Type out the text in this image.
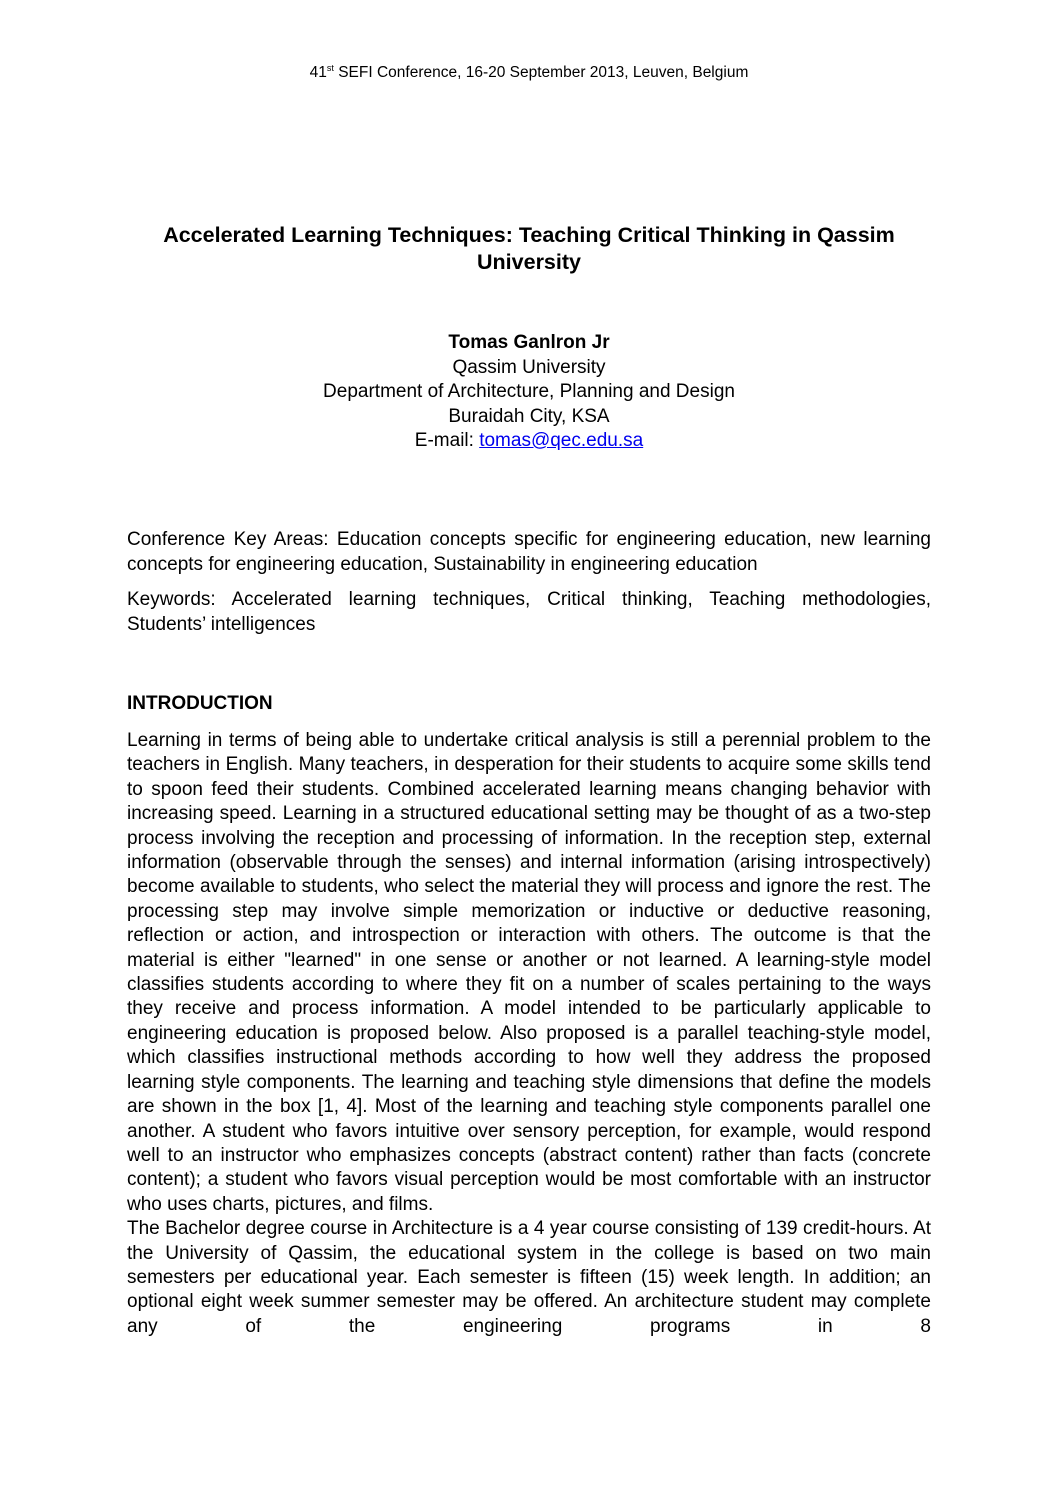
41st SEFI Conference, 16-20 September 2013, Leuven, Belgium
Accelerated Learning Techniques: Teaching Critical Thinking in Qassim University
Tomas Ganlron Jr
Qassim University
Department of Architecture, Planning and Design
Buraidah City, KSA
E-mail: tomas@qec.edu.sa

Conference Key Areas: Education concepts specific for engineering education, new learning concepts for engineering education, Sustainability in engineering education

Keywords: Accelerated learning techniques, Critical thinking, Teaching methodologies, Students’ intelligences

INTRODUCTION

Learning in terms of being able to undertake critical analysis is still a perennial problem to the teachers in English. Many teachers, in desperation for their students to acquire some skills tend to spoon feed their students. Combined accelerated learning means changing behavior with increasing speed. Learning in a structured educational setting may be thought of as a two-step process involving the reception and processing of information. In the reception step, external information (observable through the senses) and internal information (arising introspectively) become available to students, who select the material they will process and ignore the rest. The processing step may involve simple memorization or inductive or deductive reasoning, reflection or action, and introspection or interaction with others. The outcome is that the material is either "learned" in one sense or another or not learned. A learning-style model classifies students according to where they fit on a number of scales pertaining to the ways they receive and process information. A model intended to be particularly applicable to engineering education is proposed below. Also proposed is a parallel teaching-style model, which classifies instructional methods according to how well they address the proposed learning style components. The learning and teaching style dimensions that define the models are shown in the box [1, 4]. Most of the learning and teaching style components parallel one another. A student who favors intuitive over sensory perception, for example, would respond well to an instructor who emphasizes concepts (abstract content) rather than facts (concrete content); a student who favors visual perception would be most comfortable with an instructor who uses charts, pictures, and films.

The Bachelor degree course in Architecture is a 4 year course consisting of 139 credit-hours. At the University of Qassim, the educational system in the college is based on two main semesters per educational year. Each semester is fifteen (15) week length. In addition; an optional eight week summer semester may be offered. An architecture student may complete any of the engineering programs in 8
